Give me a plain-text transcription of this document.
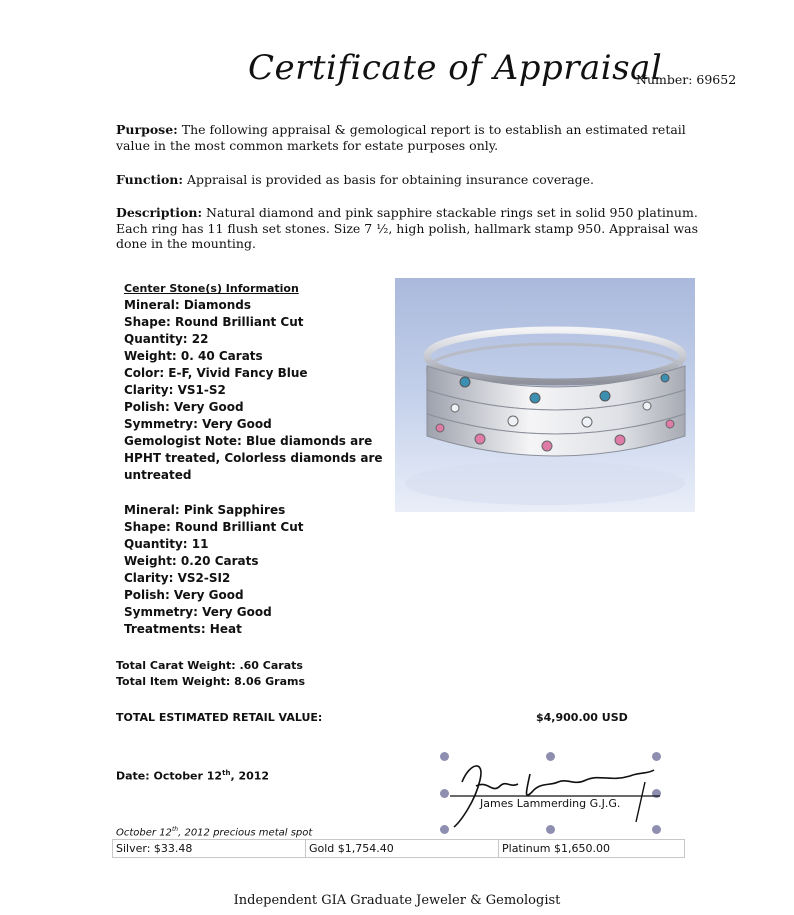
Certificate of Appraisal
Number: 69652
Purpose: The following appraisal & gemological report is to establish an estimated retail value in the most common markets for estate purposes only.
Function: Appraisal is provided as basis for obtaining insurance coverage.
Description: Natural diamond and pink sapphire stackable rings set in solid 950 platinum. Each ring has 11 flush set stones. Size 7 ½, high polish, hallmark stamp 950. Appraisal was done in the mounting.
Center Stone(s) Information
Mineral: Diamonds
Shape: Round Brilliant Cut
Quantity: 22
Weight: 0. 40 Carats
Color: E-F, Vivid Fancy Blue
Clarity: VS1-S2
Polish: Very Good
Symmetry: Very Good
Gemologist Note: Blue diamonds are
HPHT treated, Colorless diamonds are
untreated
Mineral: Pink Sapphires
Shape: Round Brilliant Cut
Quantity: 11
Weight: 0.20 Carats
Clarity: VS2-SI2
Polish: Very Good
Symmetry: Very Good
Treatments: Heat
Total Carat Weight: .60 Carats
Total Item Weight: 8.06 Grams
TOTAL ESTIMATED RETAIL VALUE:	$4,900.00 USD
Date: October 12th, 2012
James Lammerding G.J.G.
October 12th, 2012 precious metal spot
Silver: $33.48	Gold $1,754.40	Platinum $1,650.00
Independent GIA Graduate Jeweler & Gemologist
